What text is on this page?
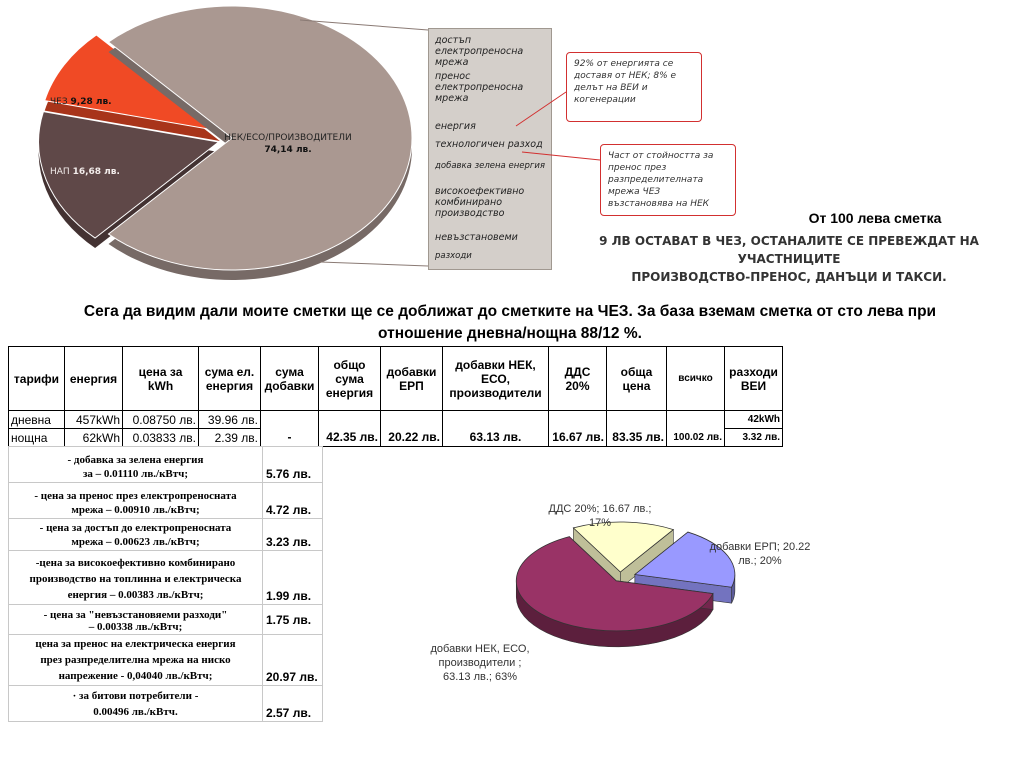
ЧЕЗ 9,28 лв.
НАП 16,68 лв.
НЕК/ЕСО/ПРОИЗВОДИТЕЛИ
74,14 лв.
достъп електропреносна мрежа
пренос електропреносна мрежа
енергия
технологичен разход
добавка зелена енергия
високоефективно комбинирано производство
невъзстановеми
разходи
92% от енергията се доставя от НЕК; 8% е делът на ВЕИ и когенерации
Част от стойността за пренос през разпределителната мрежа ЧЕЗ възстановява на НЕК
От 100 лева сметка
9 ЛВ ОСТАВАТ В ЧЕЗ, ОСТАНАЛИТЕ СЕ ПРЕВЕЖДАТ НА УЧАСТНИЦИТЕ
ПРОИЗВОДСТВО-ПРЕНОС, ДАНЪЦИ И ТАКСИ.
Сега да видим дали моите сметки ще се доближат до сметките на ЧЕЗ. За база вземам сметка от сто лева при
отношение дневна/нощна 88/12 %.
тарифи	енергия	цена за kWh	сума ел. енергия	сума добавки	общо сума енергия	добавки ЕРП	добавки НЕК, ЕСО, производители	ДДС 20%	обща цена	всичко	разходи ВЕИ
дневна	457kWh	0.08750 лв.	39.96 лв.								42kWh
нощна	62kWh	0.03833 лв.	2.39 лв.	-	42.35 лв.	20.22 лв.	63.13 лв.	16.67 лв.	83.35 лв.	100.02 лв.	3.32 лв.
- добавка за зелена енергия
за – 0.01110 лв./кВтч;	5.76 лв.

- цена за пренос през електропреносната
мрежа – 0.00910 лв./кВтч;	4.72 лв.

- цена за достъп до електропреносната
мрежа – 0.00623 лв./кВтч;	3.23 лв.

-цена за високоефективно комбинирано
производство на топлинна и електрическа
енергия – 0.00383 лв./кВтч;	1.99 лв.

- цена за "невъзстановяеми разходи"
– 0.00338 лв./кВтч;	1.75 лв.

цена за пренос на електрическа енергия
през разпределителна мрежа на ниско
напрежение - 0,04040 лв./кВтч;	20.97 лв.

· за битови потребители -
0.00496 лв./кВтч.	2.57 лв.
ДДС 20%; 16.67 лв.;
17%
добавки ЕРП; 20.22
лв.; 20%
добавки НЕК, ЕСО,
производители ;
63.13 лв.; 63%
